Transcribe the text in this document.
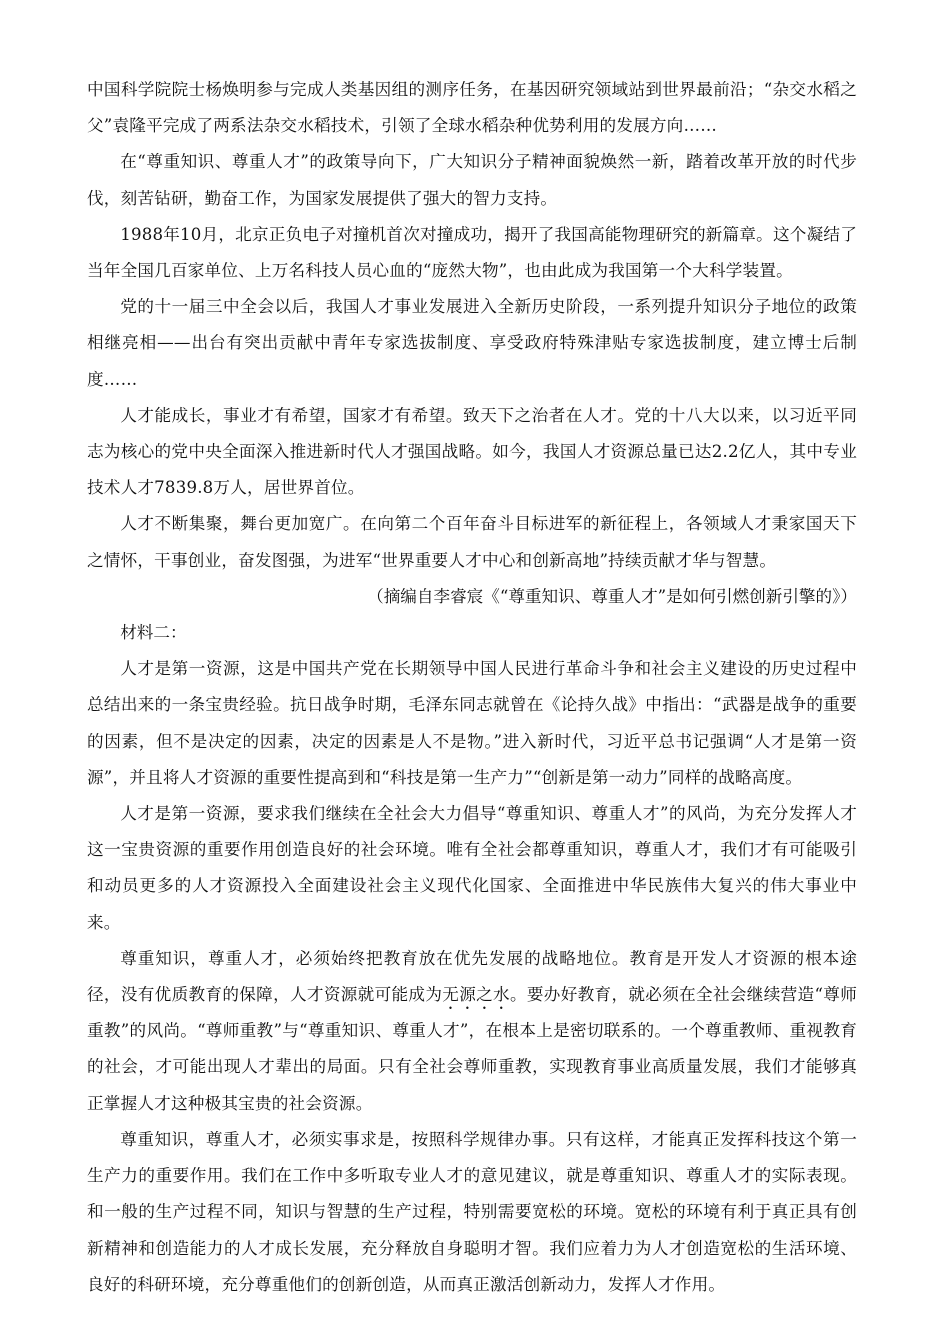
中国科学院院士杨焕明参与完成人类基因组的测序任务，在基因研究领域站到世界最前沿；“杂交水稻之父”袁隆平完成了两系法杂交水稻技术，引领了全球水稻杂种优势利用的发展方向……

在“尊重知识、尊重人才”的政策导向下，广大知识分子精神面貌焕然一新，踏着改革开放的时代步伐，刻苦钻研，勤奋工作，为国家发展提供了强大的智力支持。

1988年10月，北京正负电子对撞机首次对撞成功，揭开了我国高能物理研究的新篇章。这个凝结了当年全国几百家单位、上万名科技人员心血的“庞然大物”，也由此成为我国第一个大科学装置。

党的十一届三中全会以后，我国人才事业发展进入全新历史阶段，一系列提升知识分子地位的政策相继亮相——出台有突出贡献中青年专家选拔制度、享受政府特殊津贴专家选拔制度，建立博士后制度……

人才能成长，事业才有希望，国家才有希望。致天下之治者在人才。党的十八大以来，以习近平同志为核心的党中央全面深入推进新时代人才强国战略。如今，我国人才资源总量已达2.2亿人，其中专业技术人才7839.8万人，居世界首位。

人才不断集聚，舞台更加宽广。在向第二个百年奋斗目标进军的新征程上，各领域人才秉家国天下之情怀，干事创业，奋发图强，为进军“世界重要人才中心和创新高地”持续贡献才华与智慧。

（摘编自李睿宸《“尊重知识、尊重人才”是如何引燃创新引擎的》）

材料二：

人才是第一资源，这是中国共产党在长期领导中国人民进行革命斗争和社会主义建设的历史过程中总结出来的一条宝贵经验。抗日战争时期，毛泽东同志就曾在《论持久战》中指出：“武器是战争的重要的因素，但不是决定的因素，决定的因素是人不是物。”进入新时代，习近平总书记强调“人才是第一资源”，并且将人才资源的重要性提高到和“科技是第一生产力”“创新是第一动力”同样的战略高度。

人才是第一资源，要求我们继续在全社会大力倡导“尊重知识、尊重人才”的风尚，为充分发挥人才这一宝贵资源的重要作用创造良好的社会环境。唯有全社会都尊重知识，尊重人才，我们才有可能吸引和动员更多的人才资源投入全面建设社会主义现代化国家、全面推进中华民族伟大复兴的伟大事业中来。

尊重知识，尊重人才，必须始终把教育放在优先发展的战略地位。教育是开发人才资源的根本途径，没有优质教育的保障，人才资源就可能成为无源之水。要办好教育，就必须在全社会继续营造“尊师重教”的风尚。“尊师重教”与“尊重知识、尊重人才”，在根本上是密切联系的。一个尊重教师、重视教育的社会，才可能出现人才辈出的局面。只有全社会尊师重教，实现教育事业高质量发展，我们才能够真正掌握人才这种极其宝贵的社会资源。

尊重知识，尊重人才，必须实事求是，按照科学规律办事。只有这样，才能真正发挥科技这个第一生产力的重要作用。我们在工作中多听取专业人才的意见建议，就是尊重知识、尊重人才的实际表现。和一般的生产过程不同，知识与智慧的生产过程，特别需要宽松的环境。宽松的环境有利于真正具有创新精神和创造能力的人才成长发展，充分释放自身聪明才智。我们应着力为人才创造宽松的生活环境、良好的科研环境，充分尊重他们的创新创造，从而真正激活创新动力，发挥人才作用。
